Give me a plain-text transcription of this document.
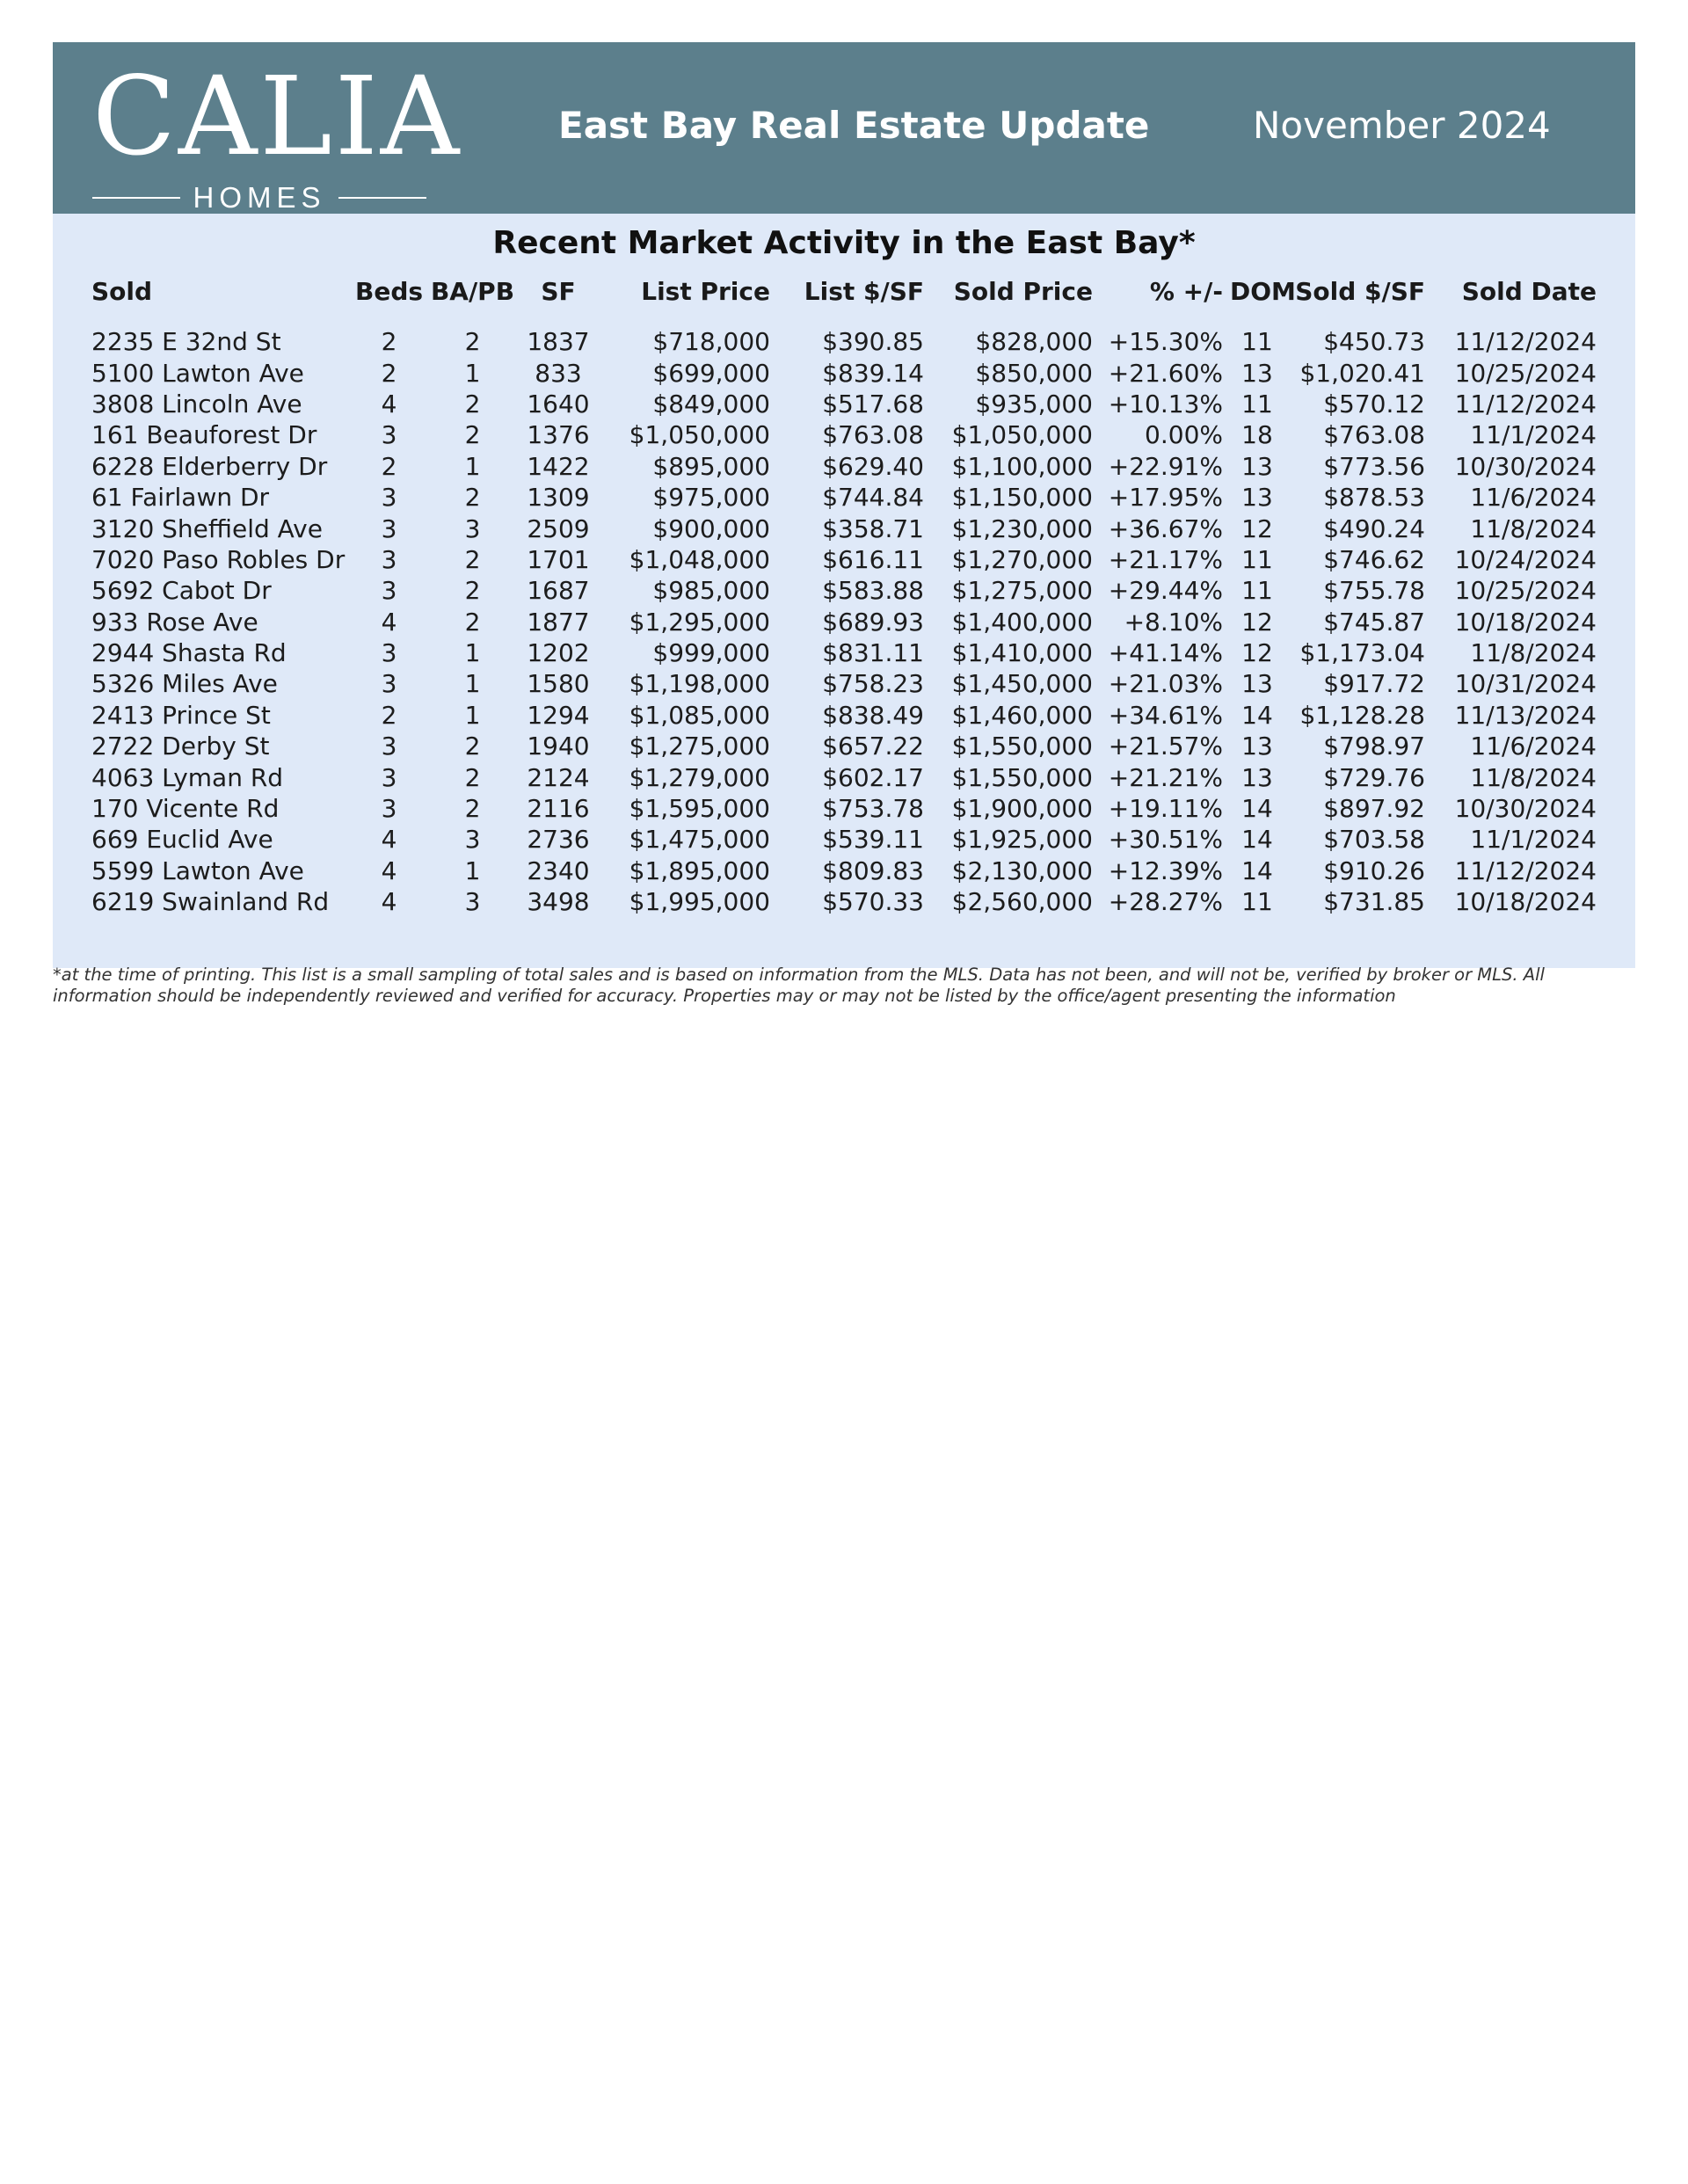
CALIA
HOMES
East Bay Real Estate Update	November 2024
Recent Market Activity in the East Bay*
Sold	Beds	BA/PB	SF	List Price	List $/SF	Sold Price	% +/-	DOM	Sold $/SF	Sold Date

2235 E 32nd St	2	2	1837	$718,000	$390.85	$828,000	+15.30%	11	$450.73	11/12/2024
5100 Lawton Ave	2	1	833	$699,000	$839.14	$850,000	+21.60%	13	$1,020.41	10/25/2024
3808 Lincoln Ave	4	2	1640	$849,000	$517.68	$935,000	+10.13%	11	$570.12	11/12/2024
161 Beauforest Dr	3	2	1376	$1,050,000	$763.08	$1,050,000	0.00%	18	$763.08	11/1/2024
6228 Elderberry Dr	2	1	1422	$895,000	$629.40	$1,100,000	+22.91%	13	$773.56	10/30/2024
61 Fairlawn Dr	3	2	1309	$975,000	$744.84	$1,150,000	+17.95%	13	$878.53	11/6/2024
3120 Sheffield Ave	3	3	2509	$900,000	$358.71	$1,230,000	+36.67%	12	$490.24	11/8/2024
7020 Paso Robles Dr	3	2	1701	$1,048,000	$616.11	$1,270,000	+21.17%	11	$746.62	10/24/2024
5692 Cabot Dr	3	2	1687	$985,000	$583.88	$1,275,000	+29.44%	11	$755.78	10/25/2024
933 Rose Ave	4	2	1877	$1,295,000	$689.93	$1,400,000	+8.10%	12	$745.87	10/18/2024
2944 Shasta Rd	3	1	1202	$999,000	$831.11	$1,410,000	+41.14%	12	$1,173.04	11/8/2024
5326 Miles Ave	3	1	1580	$1,198,000	$758.23	$1,450,000	+21.03%	13	$917.72	10/31/2024
2413 Prince St	2	1	1294	$1,085,000	$838.49	$1,460,000	+34.61%	14	$1,128.28	11/13/2024
2722 Derby St	3	2	1940	$1,275,000	$657.22	$1,550,000	+21.57%	13	$798.97	11/6/2024
4063 Lyman Rd	3	2	2124	$1,279,000	$602.17	$1,550,000	+21.21%	13	$729.76	11/8/2024
170 Vicente Rd	3	2	2116	$1,595,000	$753.78	$1,900,000	+19.11%	14	$897.92	10/30/2024
669 Euclid Ave	4	3	2736	$1,475,000	$539.11	$1,925,000	+30.51%	14	$703.58	11/1/2024
5599 Lawton Ave	4	1	2340	$1,895,000	$809.83	$2,130,000	+12.39%	14	$910.26	11/12/2024
6219 Swainland Rd	4	3	3498	$1,995,000	$570.33	$2,560,000	+28.27%	11	$731.85	10/18/2024
*at the time of printing. This list is a small sampling of total sales and is based on information from the MLS. Data has not been, and will not be, verified by broker or MLS. All information should be independently reviewed and verified for accuracy. Properties may or may not be listed by the office/agent presenting the information
